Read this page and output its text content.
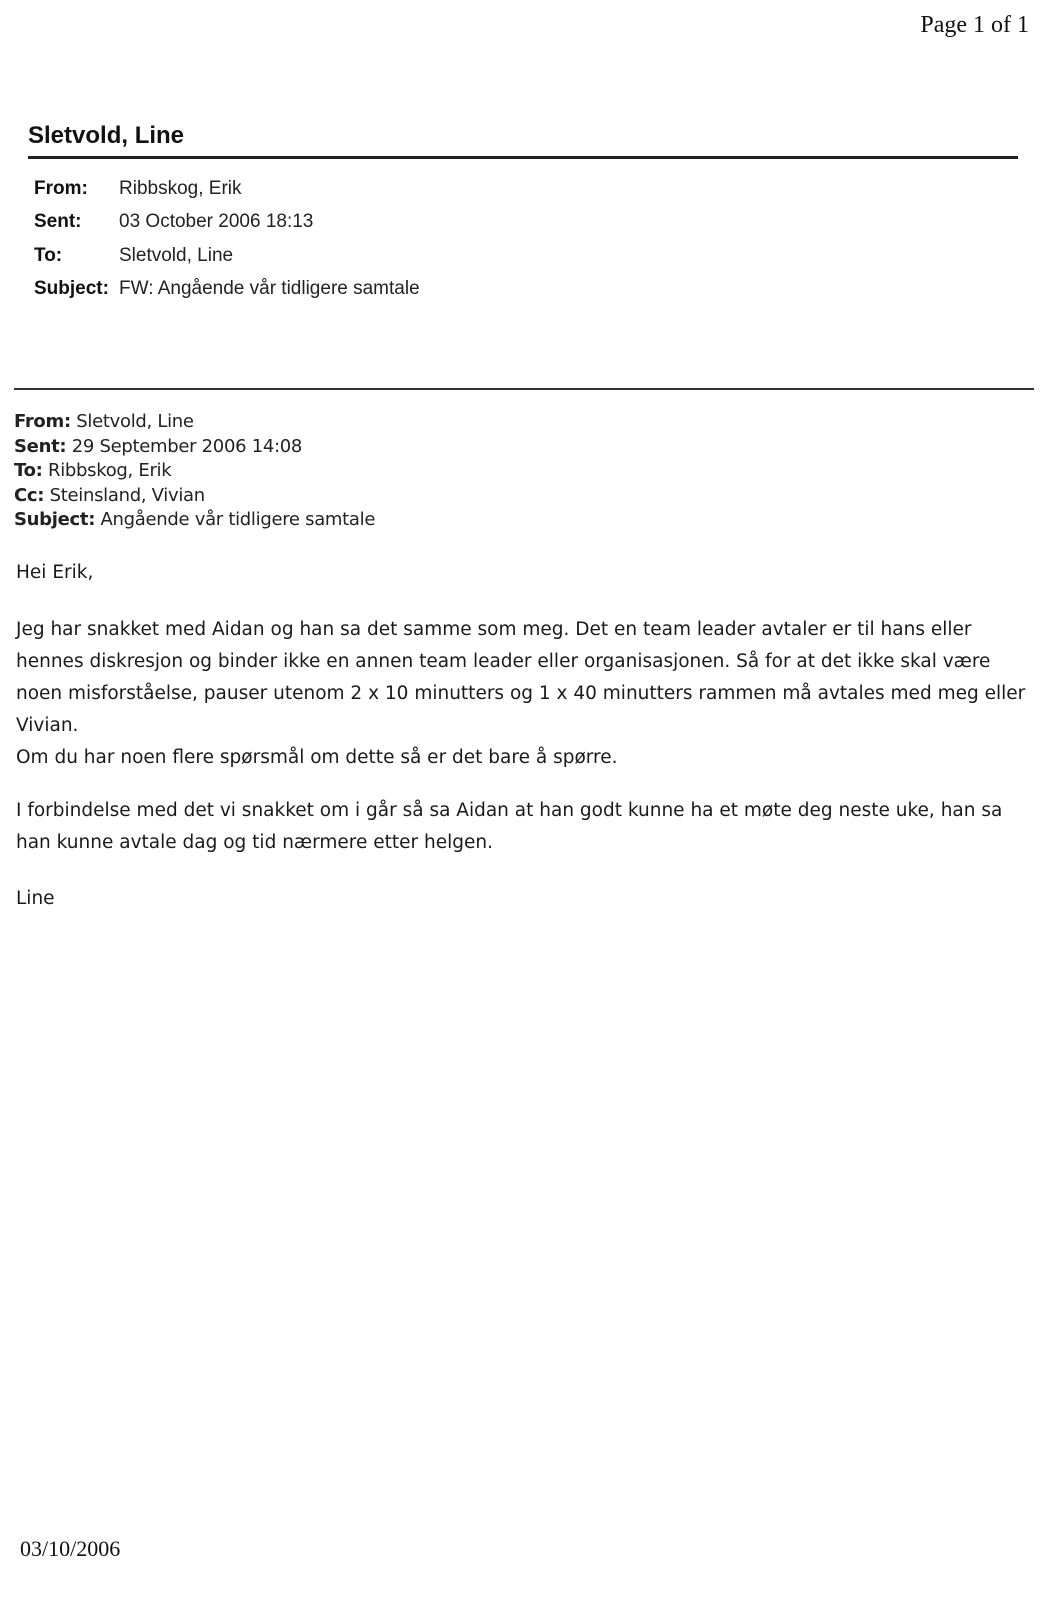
Page 1 of 1
Sletvold, Line
From:	Ribbskog, Erik
Sent:	03 October 2006 18:13
To:	Sletvold, Line
Subject: FW: Angående vår tidligere samtale
From: Sletvold, Line
Sent: 29 September 2006 14:08
To: Ribbskog, Erik
Cc: Steinsland, Vivian
Subject: Angående vår tidligere samtale
Hei Erik,

Jeg har snakket med Aidan og han sa det samme som meg. Det en team leader avtaler er til hans eller hennes diskresjon og binder ikke en annen team leader eller organisasjonen. Så for at det ikke skal være noen misforståelse, pauser utenom 2 x 10 minutters og 1 x 40 minutters rammen må avtales med meg eller Vivian.

Om du har noen flere spørsmål om dette så er det bare å spørre.

I forbindelse med det vi snakket om i går så sa Aidan at han godt kunne ha et møte deg neste uke, han sa han kunne avtale dag og tid nærmere etter helgen.

Line
03/10/2006
